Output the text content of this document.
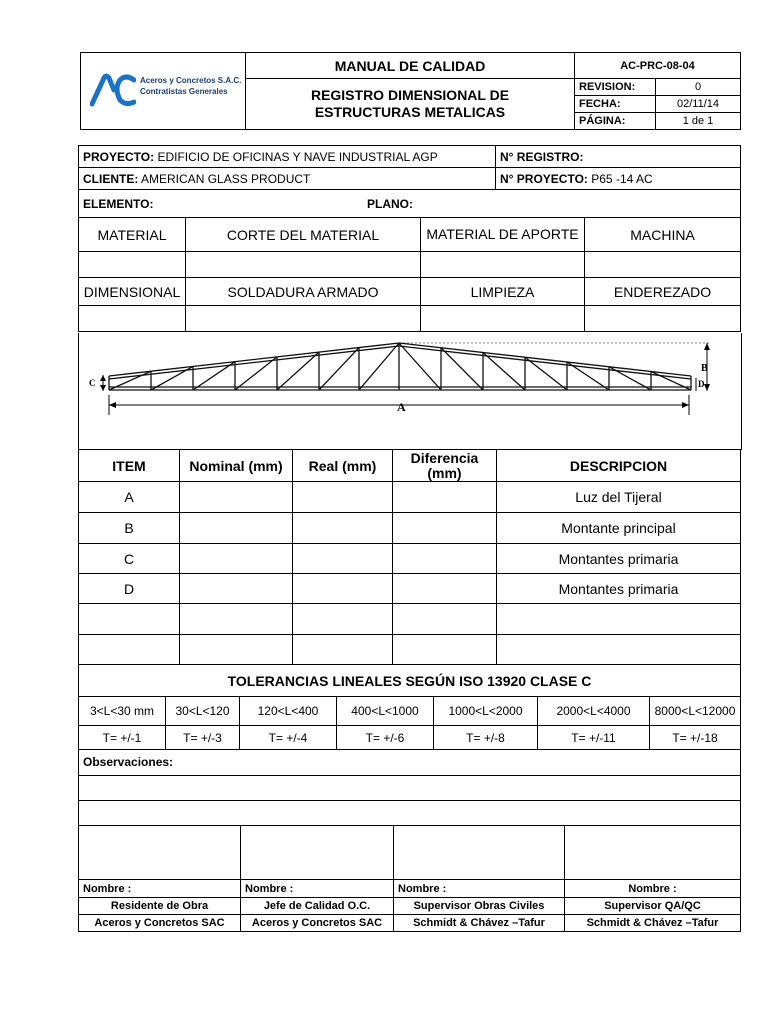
Aceros y Concretos S.A.C.
Contratistas Generales	MANUAL DE CALIDAD	AC-PRC-08-04	

	REGISTRO DIMENSIONAL DE
ESTRUCTURAS METALICAS	REVISION:	0
		FECHA:	02/11/14
		PÁGINA:	1 de 1
PROYECTO: EDIFICIO DE OFICINAS Y NAVE INDUSTRIAL AGP	N° REGISTRO:
CLIENTE: AMERICAN GLASS PRODUCT	N° PROYECTO: P65 -14 AC
ELEMENTO: PLANO:			

MATERIAL	CORTE DEL MATERIAL	MATERIAL DE APORTE	MACHINA

DIMENSIONAL	SOLDADURA ARMADO	LIMPIEZA	ENDEREZADO

A
B
C	D
ITEM	Nominal (mm)	Real (mm)	Diferencia (mm)	DESCRIPCION
A				Luz del Tijeral
B				Montante principal
C				Montantes primaria
D				Montantes primaria

TOLERANCIAS LINEALES SEGÚN ISO 13920 CLASE C						
3<L<30 mm	30<L<120	120<L<400	400<L<1000	1000<L<2000	2000<L<4000	8000<L<12000
T= +/-1	T= +/-3	T= +/-4	T= +/-6	T= +/-8	T= +/-11	T= +/-18
Observaciones:

Nombre :	Nombre :	Nombre :	Nombre :
Residente de Obra	Jefe de Calidad O.C.	Supervisor Obras Civiles	Supervisor QA/QC
Aceros y Concretos SAC	Aceros y Concretos SAC	Schmidt & Chávez –Tafur	Schmidt & Chávez –Tafur
